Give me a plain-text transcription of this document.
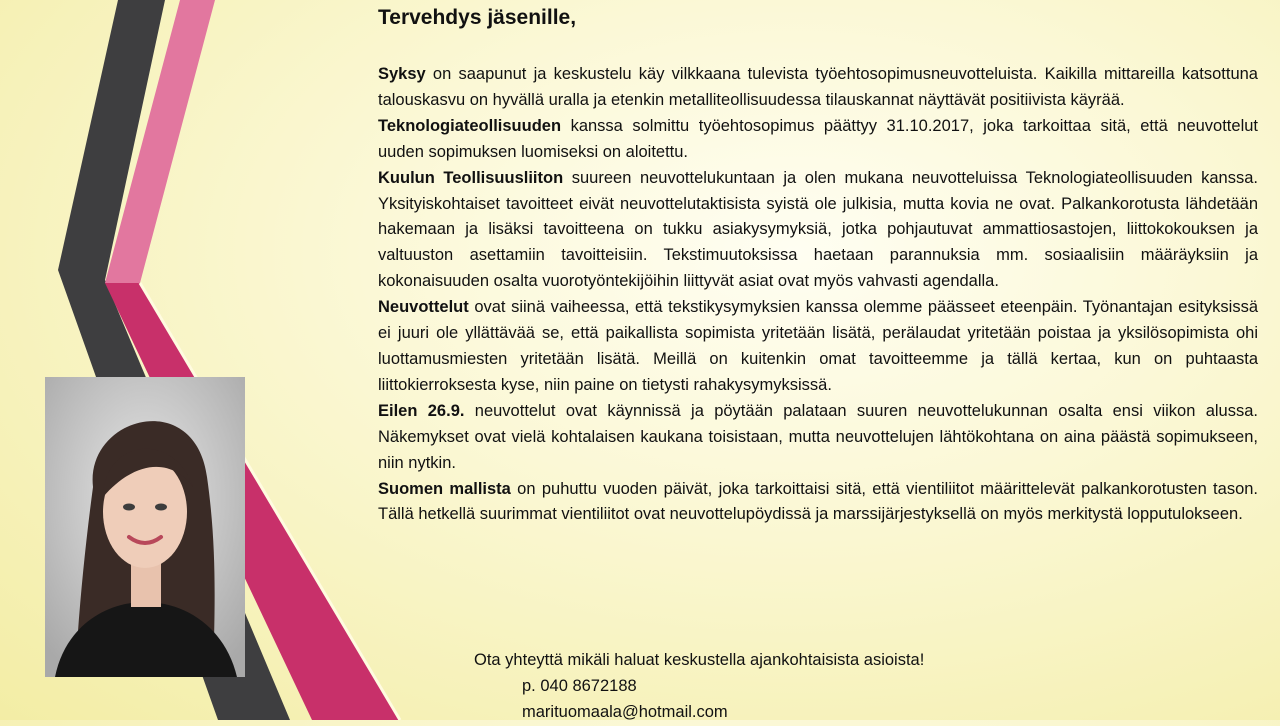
Tervehdys jäsenille,

Syksy on saapunut ja keskustelu käy vilkkaana tulevista työehtosopimusneuvotteluista. Kaikilla mittareilla katsottuna talouskasvu on hyvällä uralla ja etenkin metalliteollisuudessa tilauskannat näyttävät positiivista käyrää.

Teknologiateollisuuden kanssa solmittu työehtosopimus päättyy 31.10.2017, joka tarkoittaa sitä, että neuvottelut uuden sopimuksen luomiseksi on aloitettu.

Kuulun Teollisuusliiton suureen neuvottelukuntaan ja olen mukana neuvotteluissa Teknologiateollisuuden kanssa. Yksityiskohtaiset tavoitteet eivät neuvottelutaktisista syistä ole julkisia, mutta kovia ne ovat. Palkankorotusta lähdetään hakemaan ja lisäksi tavoitteena on tukku asiakysymyksiä, jotka pohjautuvat ammattiosastojen, liittokokouksen ja valtuuston asettamiin tavoitteisiin. Tekstimuutoksissa haetaan parannuksia mm. sosiaalisiin määräyksiin ja kokonaisuuden osalta vuorotyöntekijöihin liittyvät asiat ovat myös vahvasti agendalla.

Neuvottelut ovat siinä vaiheessa, että tekstikysymyksien kanssa olemme päässeet eteenpäin. Työnantajan esityksissä ei juuri ole yllättävää se, että paikallista sopimista yritetään lisätä, perälaudat yritetään poistaa ja yksilösopimista ohi luottamusmiesten yritetään lisätä. Meillä on kuitenkin omat tavoitteemme ja tällä kertaa, kun on puhtaasta liittokierroksesta kyse, niin paine on tietysti rahakysymyksissä.

Eilen 26.9. neuvottelut ovat käynnissä ja pöytään palataan suuren neuvottelukunnan osalta ensi viikon alussa. Näkemykset ovat vielä kohtalaisen kaukana toisistaan, mutta neuvottelujen lähtökohtana on aina päästä sopimukseen, niin nytkin.

Suomen mallista on puhuttu vuoden päivät, joka tarkoittaisi sitä, että vientiliitot määrittelevät palkankorotusten tason. Tällä hetkellä suurimmat vientiliitot ovat neuvottelupöydissä ja marssijärjestyksellä on myös merkitystä lopputulokseen.

Ota yhteyttä mikäli haluat keskustella ajankohtaisista asioista!
p. 040 8672188
marituomaala@hotmail.com
